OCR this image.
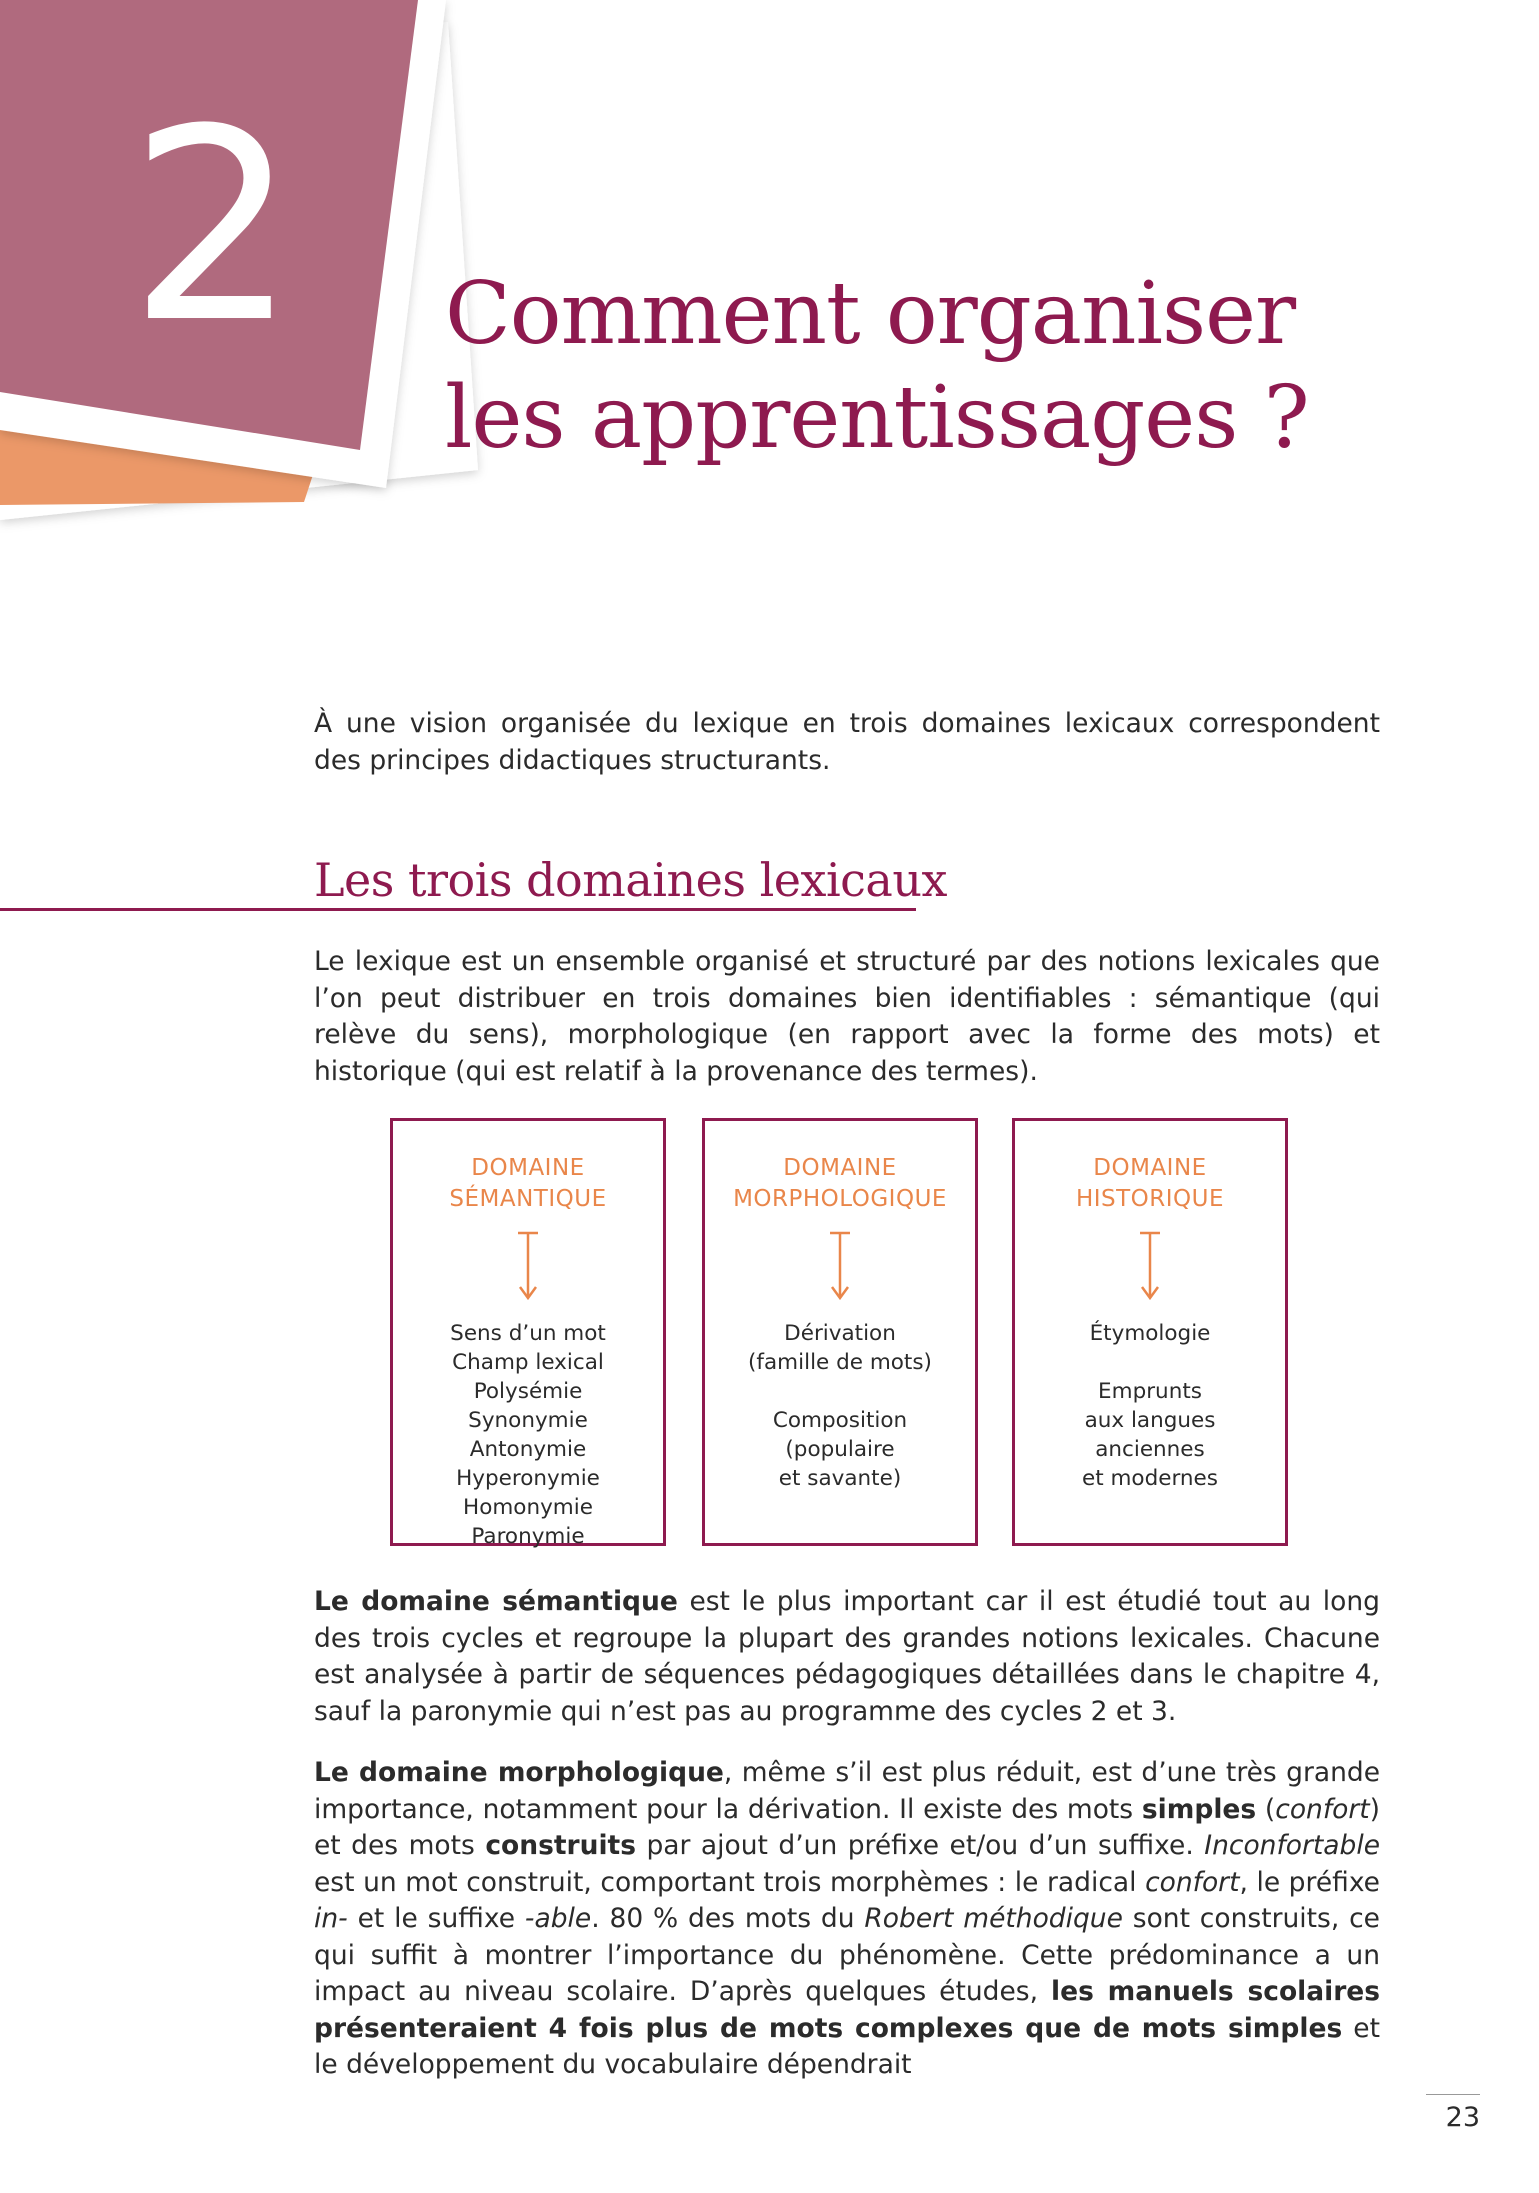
2 Comment organiser
les apprentissages ?

À une vision organisée du lexique en trois domaines lexicaux correspondent des principes didactiques structurants.

Les trois domaines lexicaux

Le lexique est un ensemble organisé et structuré par des notions lexicales que l’on peut distribuer en trois domaines bien identifiables : sémantique (qui relève du sens), morphologique (en rapport avec la forme des mots) et historique (qui est relatif à la provenance des termes).

DOMAINE
SÉMANTIQUE
Sens d’un mot
Champ lexical
Polysémie
Synonymie
Antonymie
Hyperonymie
Homonymie
Paronymie
DOMAINE
MORPHOLOGIQUE
Dérivation
(famille de mots)
Composition
(populaire
et savante)
DOMAINE
HISTORIQUE
Étymologie
Emprunts
aux langues
anciennes
et modernes

Le domaine sémantique est le plus important car il est étudié tout au long des trois cycles et regroupe la plupart des grandes notions lexicales. Chacune est analysée à partir de séquences pédagogiques détaillées dans le chapitre 4, sauf la paronymie qui n’est pas au programme des cycles 2 et 3.

Le domaine morphologique, même s’il est plus réduit, est d’une très grande importance, notamment pour la dérivation. Il existe des mots simples (confort) et des mots construits par ajout d’un préfixe et/ou d’un suffixe. Inconfortable est un mot construit, comportant trois morphèmes : le radical confort, le préfixe in- et le suffixe -able. 80 % des mots du Robert méthodique sont construits, ce qui suffit à montrer l’importance du phénomène. Cette prédominance a un impact au niveau scolaire. D’après quelques études, les manuels scolaires présenteraient 4 fois plus de mots complexes que de mots simples et le développement du vocabulaire dépendrait

23
